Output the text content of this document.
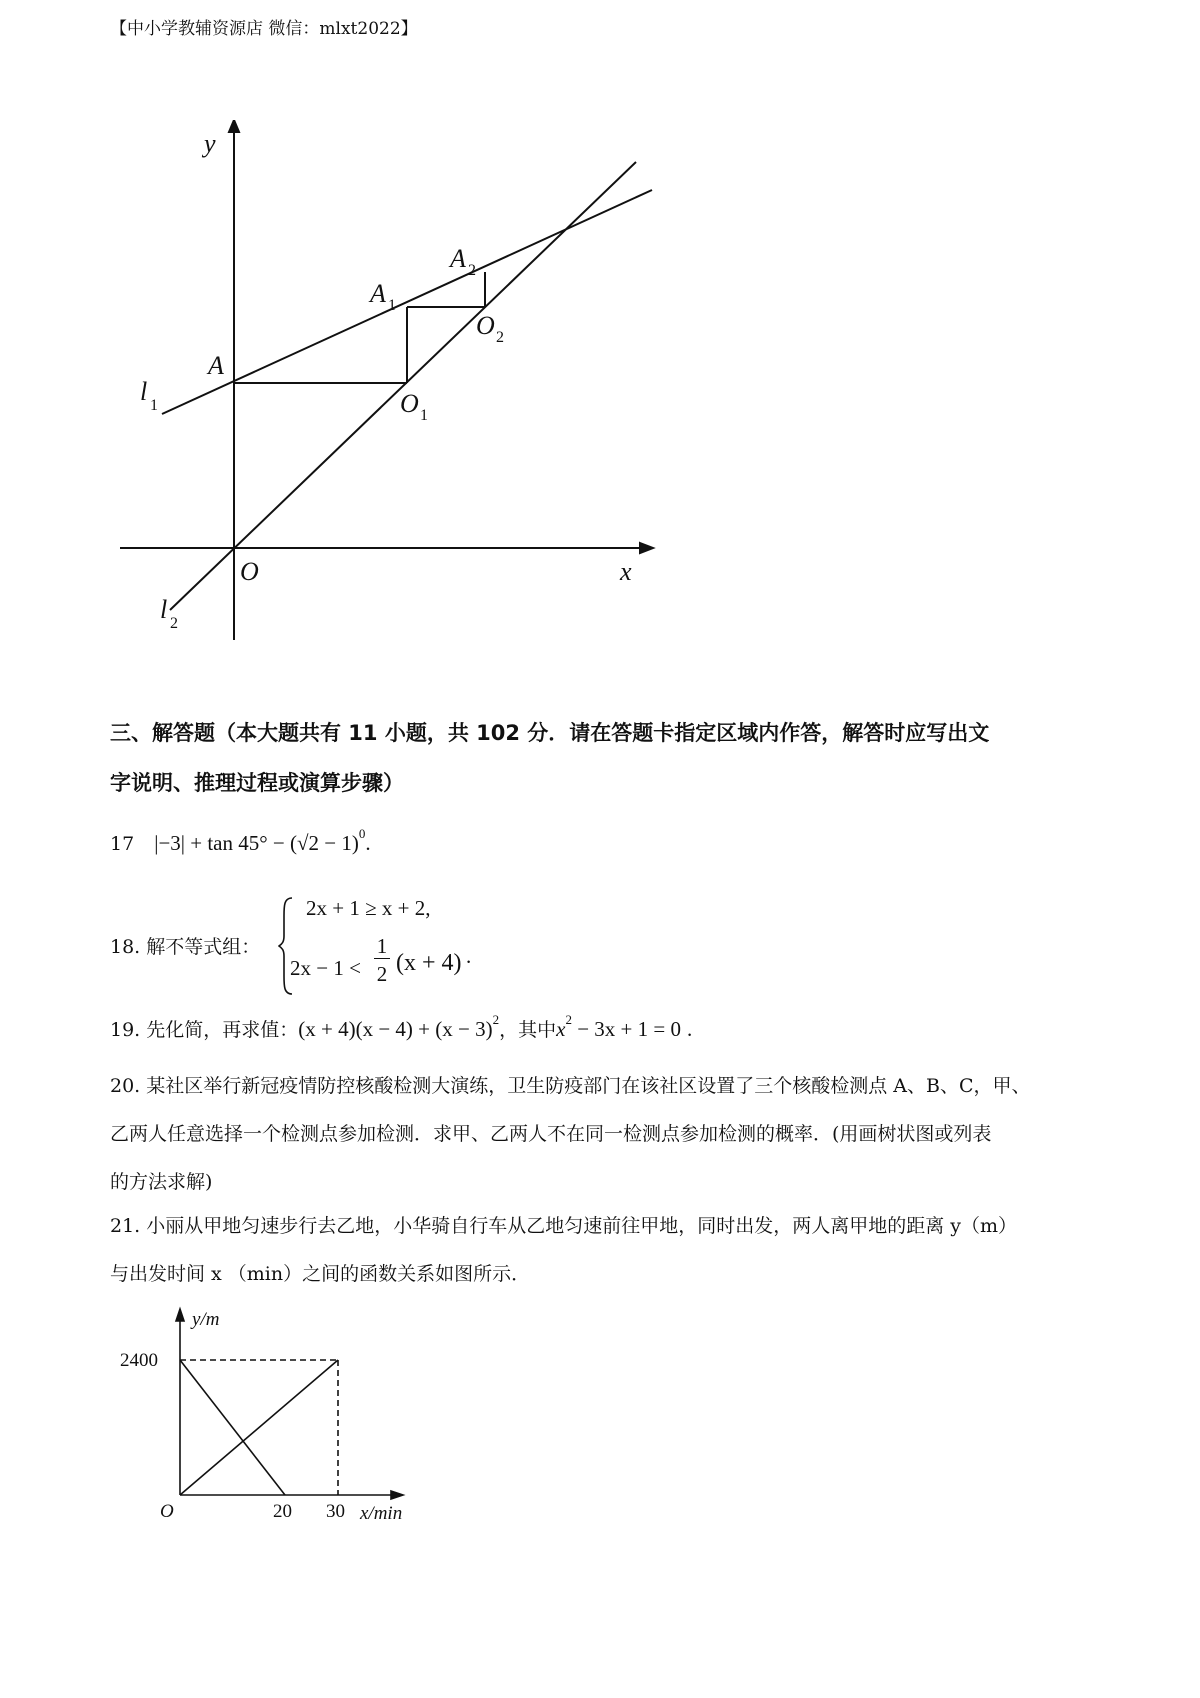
【中小学教辅资源店 微信：mlxt2022】
y
x
O
A
l 1
l 2
A 1
A 2
O 1
O 2
三、解答题（本大题共有 11 小题，共 102 分．请在答题卡指定区域内作答，解答时应写出文
字说明、推理过程或演算步骤）
17 $|-3| + \tan 45^\circ - (√2 - 1)^0$.
18. 解不等式组：
2x + 1 ≥ x + 2,
2x − 1 <
1
2 (x + 4) .
19. 先化简，再求值：$(x + 4)(x - 4) + (x - 3)^2$，其中$x^2 - 3x + 1 = 0$ .
20. 某社区举行新冠疫情防控核酸检测大演练，卫生防疫部门在该社区设置了三个核酸检测点 A、B、C，甲、
乙两人任意选择一个检测点参加检测．求甲、乙两人不在同一检测点参加检测的概率．(用画树状图或列表
的方法求解)
21. 小丽从甲地匀速步行去乙地，小华骑自行车从乙地匀速前往甲地，同时出发，两人离甲地的距离 y（m）
与出发时间 x （min）之间的函数关系如图所示．
y/m
2400
O	20 30 x/min
